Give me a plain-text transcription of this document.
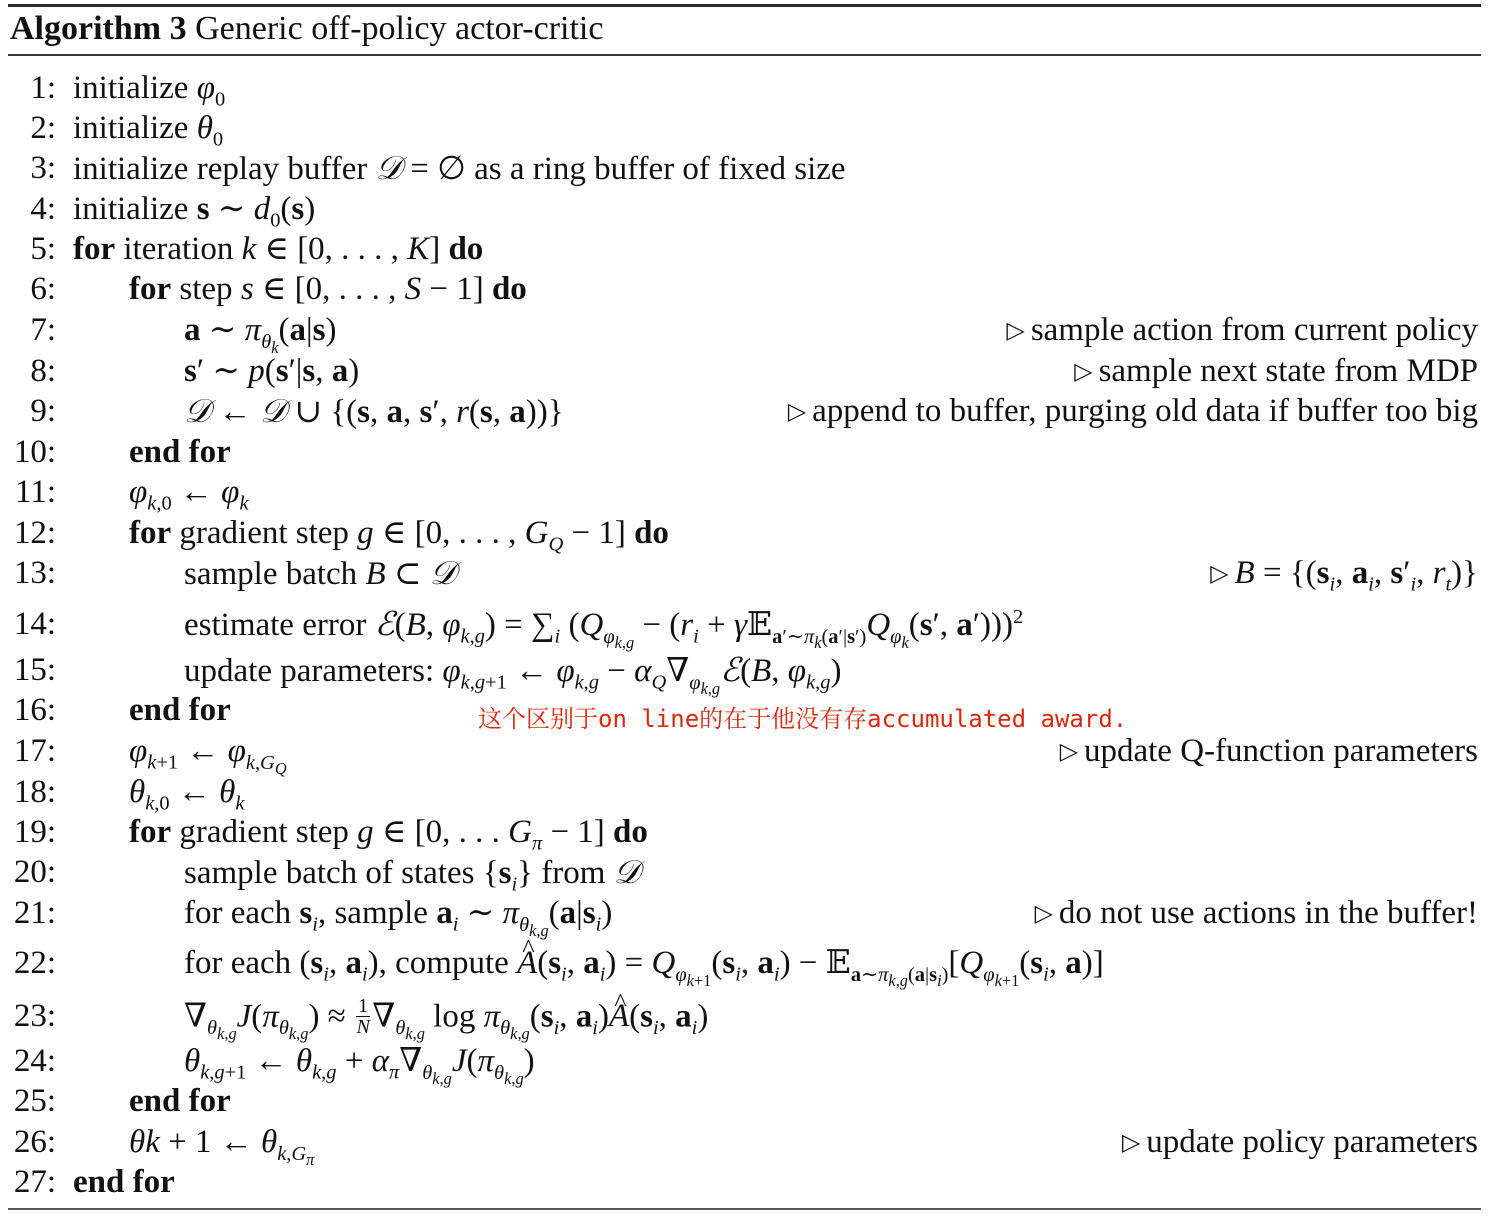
Algorithm 3 Generic off-policy actor-critic
1: initialize $\varphi_0$
2: initialize $\theta_0$
3: initialize replay buffer 𝒟 = ∅ as a ring buffer of fixed size
4: initialize s ∼ $d_0(s)$
5: for iteration k ∈ [0, . . . , K] do
6: for step s ∈ [0, . . . , S − 1] do
7:	a ∼ $\pi_{\theta_k}(a|s)$	▷ sample action from current policy
8:	s′ ∼ p(s′|s, a)	▷ sample next state from MDP
9:	𝒟 ← 𝒟 ∪ {(s, a, s′, r(s, a))}	▷ append to buffer, purging old data if buffer too big
10: end for
11: $\varphi_{k,0}$ ← $\varphi_k$
12: for gradient step g ∈ [0, . . . , $G_Q - 1$] do
13:	sample batch B ⊂ 𝒟	▷ $B = \{(s_i$, $a_i$, $s'_i$, $r_t$)}
14:	estimate error ℰ(B, $\varphi_{k,g}) = \sum_i$ ($Q_{\varphi_{k,g}} - (r_i$ + $\gamma 𝔼_{a'\sim\pi_k(a'|s')}Q_{\varphi_k}(s'$, a′)))$^2$
15:	update parameters: $\varphi_{k,g+1}$ ← $\varphi_{k,g}$ − $\alpha_Q\nabla_{\varphi_{k,g}}ℰ(B$, $\varphi_{k,g}$)
16: end for	这个区别于on line的在于他没有存accumulated award.
17: $\varphi_{k+1}$ ← $\varphi_{k,G_Q}$
▷ update Q-function parameters
18: $\theta_{k,0}$ ← $\theta_k$
19: for gradient step g ∈ [0, . . . $G_\pi - 1$] do
20:	sample batch of states $\{s_i\}$ from 𝒟
21:	for each $s_i$, sample $a_i$ ∼ $\pi_{\theta_{k,g}}(a|s_i)$	▷ do not use actions in the buffer!
22:	for each ($s_i$, $a_i$), compute ^ $A(s_i$, $a_i) = Q_{\varphi_{k+1}}(s_i$, $a_i$) − $𝔼_{a\sim\pi_{k,g}(a|s_i)}[Q_{\varphi_{k+1}}(s_i$, a)]
23:	$\nabla_{\theta_{k,g}}J(\pi_{\theta_{k,g}}) \approx \frac{1}{N} \nabla_{\theta_{k,g}}$ $\log \pi_{\theta_{k,g}}(s_i$, $a_i)\^{}$ $A(s_i$, $a_i$)
24:	$\theta_{k,g+1}$ ← $\theta_{k,g} + \alpha_\pi\nabla_{\theta_{k,g}}J(\pi_{\theta_{k,g}})$
25: end for
26: θk + 1 ← $\theta_{k,G_\pi}$
▷ update policy parameters
27: end for
